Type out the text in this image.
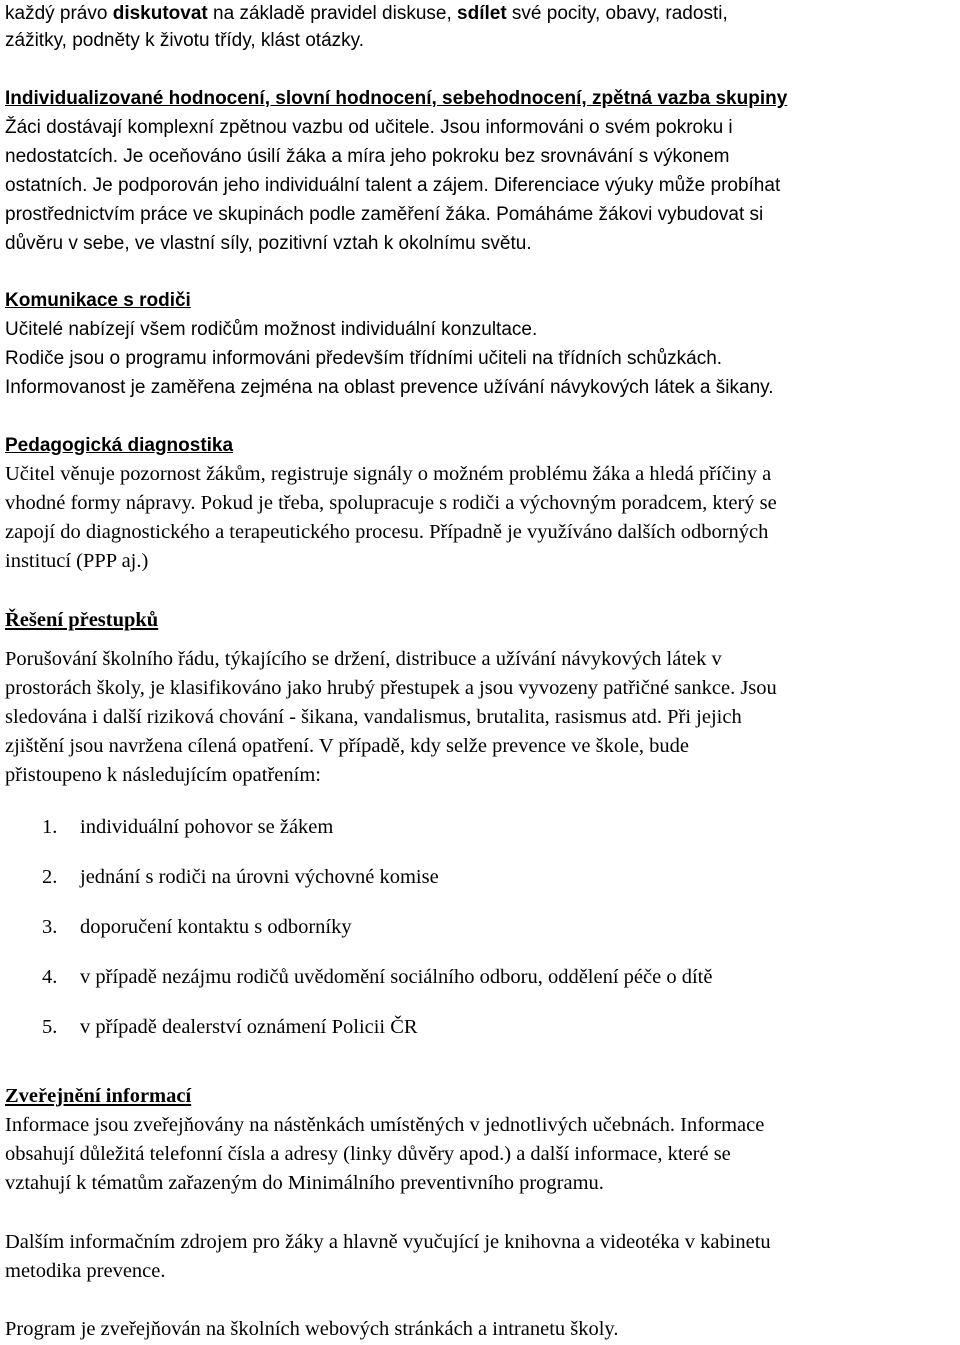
každý právo diskutovat na základě pravidel diskuse, sdílet své pocity, obavy, radosti,
zážitky, podněty k životu třídy, klást otázky.
Individualizované hodnocení, slovní hodnocení, sebehodnocení, zpětná vazba skupiny
Žáci dostávají komplexní zpětnou vazbu od učitele. Jsou informováni o svém pokroku i
nedostatcích. Je oceňováno úsilí žáka a míra jeho pokroku bez srovnávání s výkonem
ostatních. Je podporován jeho individuální talent a zájem. Diferenciace výuky může probíhat
prostřednictvím práce ve skupinách podle zaměření žáka. Pomáháme žákovi vybudovat si
důvěru v sebe, ve vlastní síly, pozitivní vztah k okolnímu světu.
Komunikace s rodiči
Učitelé nabízejí všem rodičům možnost individuální konzultace.
Rodiče jsou o programu informováni především třídními učiteli na třídních schůzkách.
Informovanost je zaměřena zejména na oblast prevence užívání návykových látek a šikany.
Pedagogická diagnostika
Učitel věnuje pozornost žákům, registruje signály o možném problému žáka a hledá příčiny a
vhodné formy nápravy. Pokud je třeba, spolupracuje s rodiči a výchovným poradcem, který se
zapojí do diagnostického a terapeutického procesu. Případně je využíváno dalších odborných
institucí (PPP aj.)
Řešení přestupků
Porušování školního řádu, týkajícího se držení, distribuce a užívání návykových látek v
prostorách školy, je klasifikováno jako hrubý přestupek a jsou vyvozeny patřičné sankce. Jsou
sledována i další riziková chování - šikana, vandalismus, brutalita, rasismus atd. Při jejich
zjištění jsou navržena cílená opatření. V případě, kdy selže prevence ve škole, bude
přistoupeno k následujícím opatřením:
1. individuální pohovor se žákem
2. jednání s rodiči na úrovni výchovné komise
3. doporučení kontaktu s odborníky
4. v případě nezájmu rodičů uvědomění sociálního odboru, oddělení péče o dítě
5. v případě dealerství oznámení Policii ČR
Zveřejnění informací
Informace jsou zveřejňovány na nástěnkách umístěných v jednotlivých učebnách. Informace
obsahují důležitá telefonní čísla a adresy (linky důvěry apod.) a další informace, které se
vztahují k tématům zařazeným do Minimálního preventivního programu.
Dalším informačním zdrojem pro žáky a hlavně vyučující je knihovna a videotéka v kabinetu
metodika prevence.
Program je zveřejňován na školních webových stránkách a intranetu školy.
